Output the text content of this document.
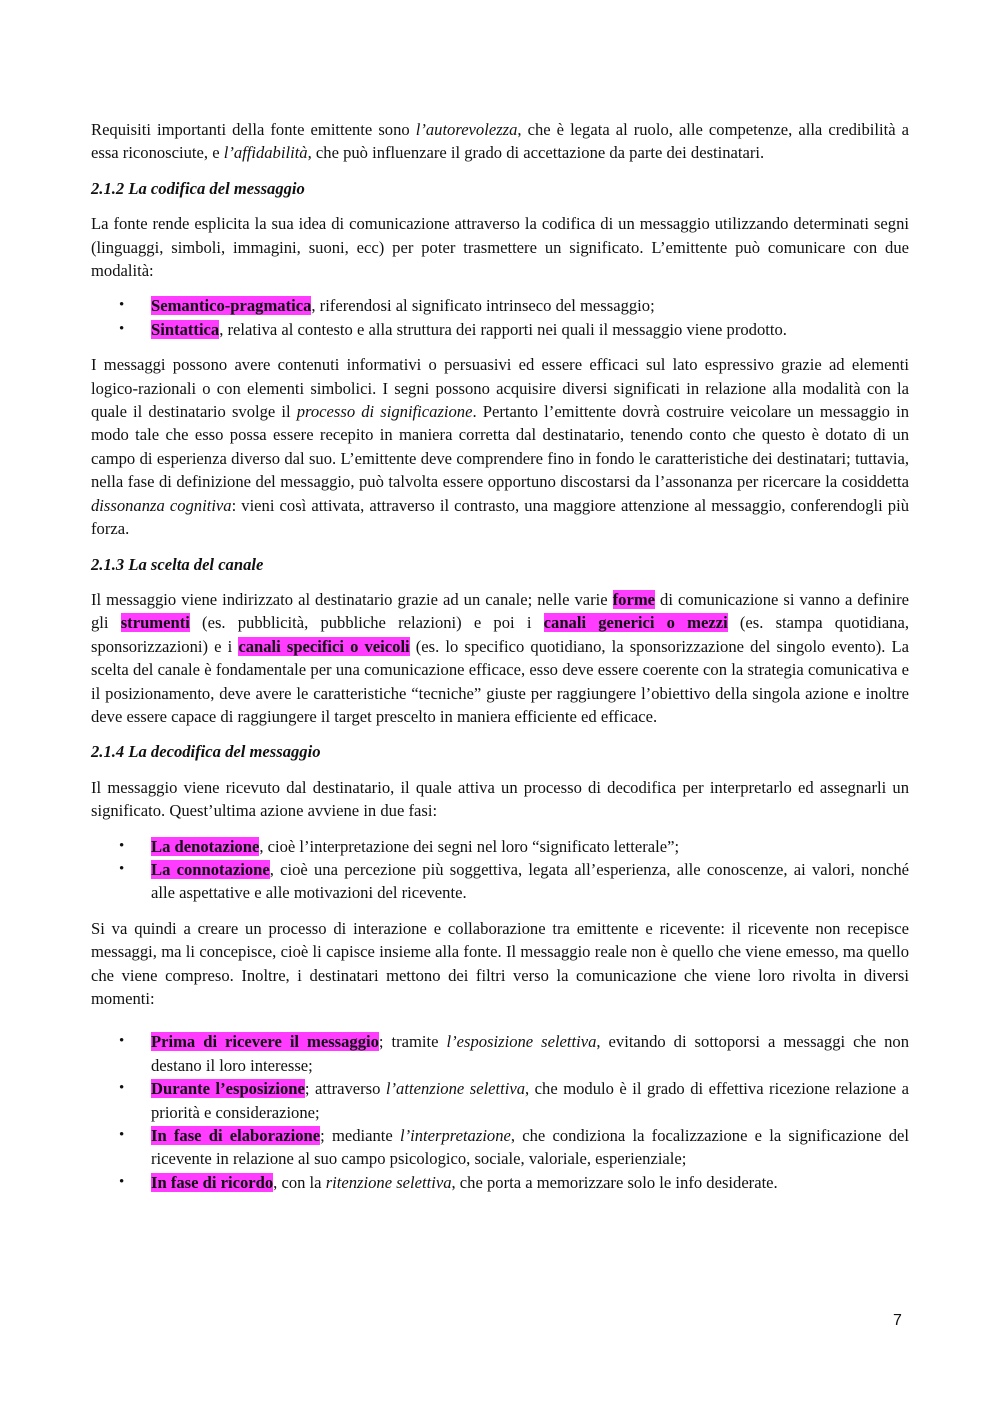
Requisiti importanti della fonte emittente sono l’autorevolezza, che è legata al ruolo, alle competenze, alla credibilità a essa riconosciute, e l’affidabilità, che può influenzare il grado di accettazione da parte dei destinatari.

2.1.2 La codifica del messaggio

La fonte rende esplicita la sua idea di comunicazione attraverso la codifica di un messaggio utilizzando determinati segni (linguaggi, simboli, immagini, suoni, ecc) per poter trasmettere un significato. L’emittente può comunicare con due modalità:

• Semantico-pragmatica, riferendosi al significato intrinseco del messaggio;
• Sintattica, relativa al contesto e alla struttura dei rapporti nei quali il messaggio viene prodotto.

I messaggi possono avere contenuti informativi o persuasivi ed essere efficaci sul lato espressivo grazie ad elementi logico-razionali o con elementi simbolici. I segni possono acquisire diversi significati in relazione alla modalità con la quale il destinatario svolge il processo di significazione. Pertanto l’emittente dovrà costruire veicolare un messaggio in modo tale che esso possa essere recepito in maniera corretta dal destinatario, tenendo conto che questo è dotato di un campo di esperienza diverso dal suo. L’emittente deve comprendere fino in fondo le caratteristiche dei destinatari; tuttavia, nella fase di definizione del messaggio, può talvolta essere opportuno discostarsi da l’assonanza per ricercare la cosiddetta dissonanza cognitiva: vieni così attivata, attraverso il contrasto, una maggiore attenzione al messaggio, conferendogli più forza.

2.1.3 La scelta del canale

Il messaggio viene indirizzato al destinatario grazie ad un canale; nelle varie forme di comunicazione si vanno a definire gli strumenti (es. pubblicità, pubbliche relazioni) e poi i canali generici o mezzi (es. stampa quotidiana, sponsorizzazioni) e i canali specifici o veicoli (es. lo specifico quotidiano, la sponsorizzazione del singolo evento). La scelta del canale è fondamentale per una comunicazione efficace, esso deve essere coerente con la strategia comunicativa e il posizionamento, deve avere le caratteristiche “tecniche” giuste per raggiungere l’obiettivo della singola azione e inoltre deve essere capace di raggiungere il target prescelto in maniera efficiente ed efficace.

2.1.4 La decodifica del messaggio

Il messaggio viene ricevuto dal destinatario, il quale attiva un processo di decodifica per interpretarlo ed assegnarli un significato. Quest’ultima azione avviene in due fasi:

• La denotazione, cioè l’interpretazione dei segni nel loro “significato letterale”;
• La connotazione, cioè una percezione più soggettiva, legata all’esperienza, alle conoscenze, ai valori, nonché alle aspettative e alle motivazioni del ricevente.

Si va quindi a creare un processo di interazione e collaborazione tra emittente e ricevente: il ricevente non recepisce messaggi, ma li concepisce, cioè li capisce insieme alla fonte. Il messaggio reale non è quello che viene emesso, ma quello che viene compreso. Inoltre, i destinatari mettono dei filtri verso la comunicazione che viene loro rivolta in diversi momenti:

• Prima di ricevere il messaggio; tramite l’esposizione selettiva, evitando di sottoporsi a messaggi che non destano il loro interesse;
• Durante l’esposizione; attraverso l’attenzione selettiva, che modulo è il grado di effettiva ricezione relazione a priorità e considerazione;
• In fase di elaborazione; mediante l’interpretazione, che condiziona la focalizzazione e la significazione del ricevente in relazione al suo campo psicologico, sociale, valoriale, esperienziale;
• In fase di ricordo, con la ritenzione selettiva, che porta a memorizzare solo le info desiderate.
7
